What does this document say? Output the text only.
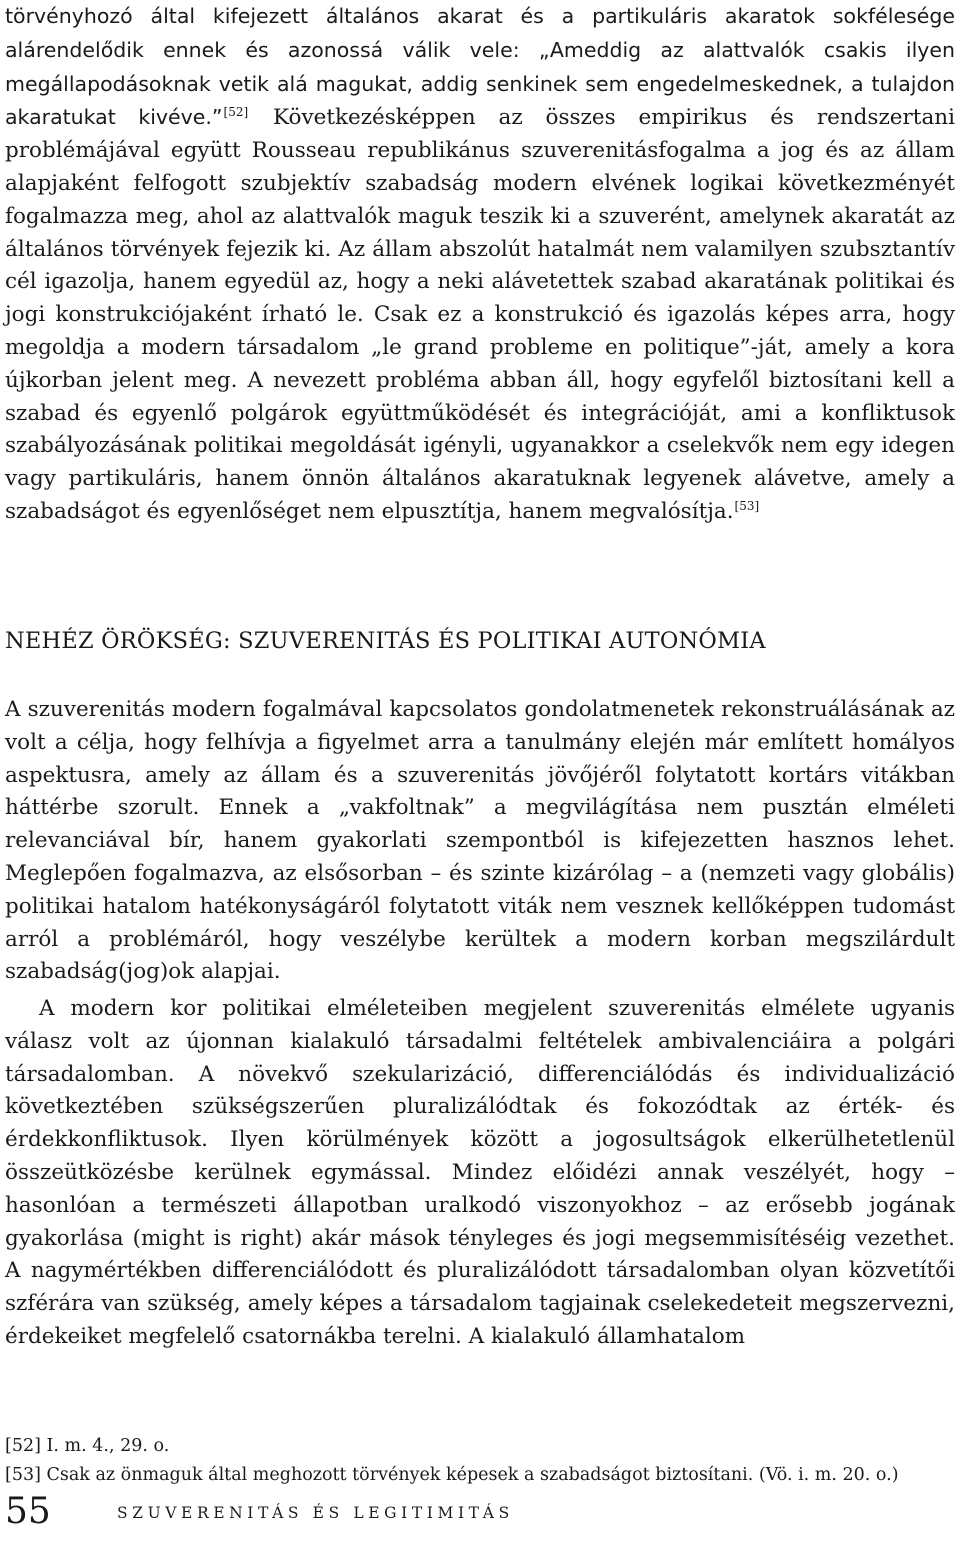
törvényhozó által kifejezett általános akarat és a partikuláris akaratok sokfélesége alárendelődik ennek és azonossá válik vele: „Ameddig az alattvalók csakis ilyen megállapodásoknak vetik alá magukat, addig senkinek sem engedelmeskednek, a tulajdon akaratukat kivéve.”[52] Következésképpen az összes empirikus és rendszertani problémájával együtt Rousseau republikánus szuverenitásfogalma a jog és az állam alapjaként felfogott szubjektív szabadság modern elvének logikai következményét fogalmazza meg, ahol az alattvalók maguk teszik ki a szuverént, amelynek akaratát az általános törvények fejezik ki. Az állam abszolút hatalmát nem valamilyen szubsztantív cél igazolja, hanem egyedül az, hogy a neki alávetettek szabad akaratának politikai és jogi konstrukciójaként írható le. Csak ez a konstrukció és igazolás képes arra, hogy megoldja a modern társadalom „le grand probleme en politique”-ját, amely a kora újkorban jelent meg. A nevezett probléma abban áll, hogy egyfelől biztosítani kell a szabad és egyenlő polgárok együttműködését és integrációját, ami a konfliktusok szabályozásának politikai megoldását igényli, ugyanakkor a cselekvők nem egy idegen vagy partikuláris, hanem önnön általános akaratuknak legyenek alávetve, amely a szabadságot és egyenlőséget nem elpusztítja, hanem megvalósítja.[53]

NEHÉZ ÖRÖKSÉG: SZUVERENITÁS ÉS POLITIKAI AUTONÓMIA

A szuverenitás modern fogalmával kapcsolatos gondolatmenetek rekonstruálásának az volt a célja, hogy felhívja a figyelmet arra a tanulmány elején már említett homályos aspektusra, amely az állam és a szuverenitás jövőjéről folytatott kortárs vitákban háttérbe szorult. Ennek a „vakfoltnak” a megvilágítása nem pusztán elméleti relevanciával bír, hanem gyakorlati szempontból is kifejezetten hasznos lehet. Meglepően fogalmazva, az elsősorban – és szinte kizárólag – a (nemzeti vagy globális) politikai hatalom hatékonyságáról folytatott viták nem vesznek kellőképpen tudomást arról a problémáról, hogy veszélybe kerültek a modern korban megszilárdult szabadság(jog)ok alapjai.

A modern kor politikai elméleteiben megjelent szuverenitás elmélete ugyanis válasz volt az újonnan kialakuló társadalmi feltételek ambivalenciáira a polgári társadalomban. A növekvő szekularizáció, differenciálódás és individualizáció következtében szükségszerűen pluralizálódtak és fokozódtak az érték- és érdekkonfliktusok. Ilyen körülmények között a jogosultságok elkerülhetetlenül összeütközésbe kerülnek egymással. Mindez előidézi annak veszélyét, hogy – hasonlóan a természeti állapotban uralkodó viszonyokhoz – az erősebb jogának gyakorlása (might is right) akár mások tényleges és jogi megsemmisítéséig vezethet. A nagymértékben differenciálódott és pluralizálódott társadalomban olyan közvetítői szférára van szükség, amely képes a társadalom tagjainak cselekedeteit megszervezni, érdekeiket megfelelő csatornákba terelni. A kialakuló államhatalom

[52] I. m. 4., 29. o.
[53] Csak az önmaguk által meghozott törvények képesek a szabadságot biztosítani. (Vö. i. m. 20. o.)
55	SZUVERENITÁS ÉS LEGITIMITÁS
